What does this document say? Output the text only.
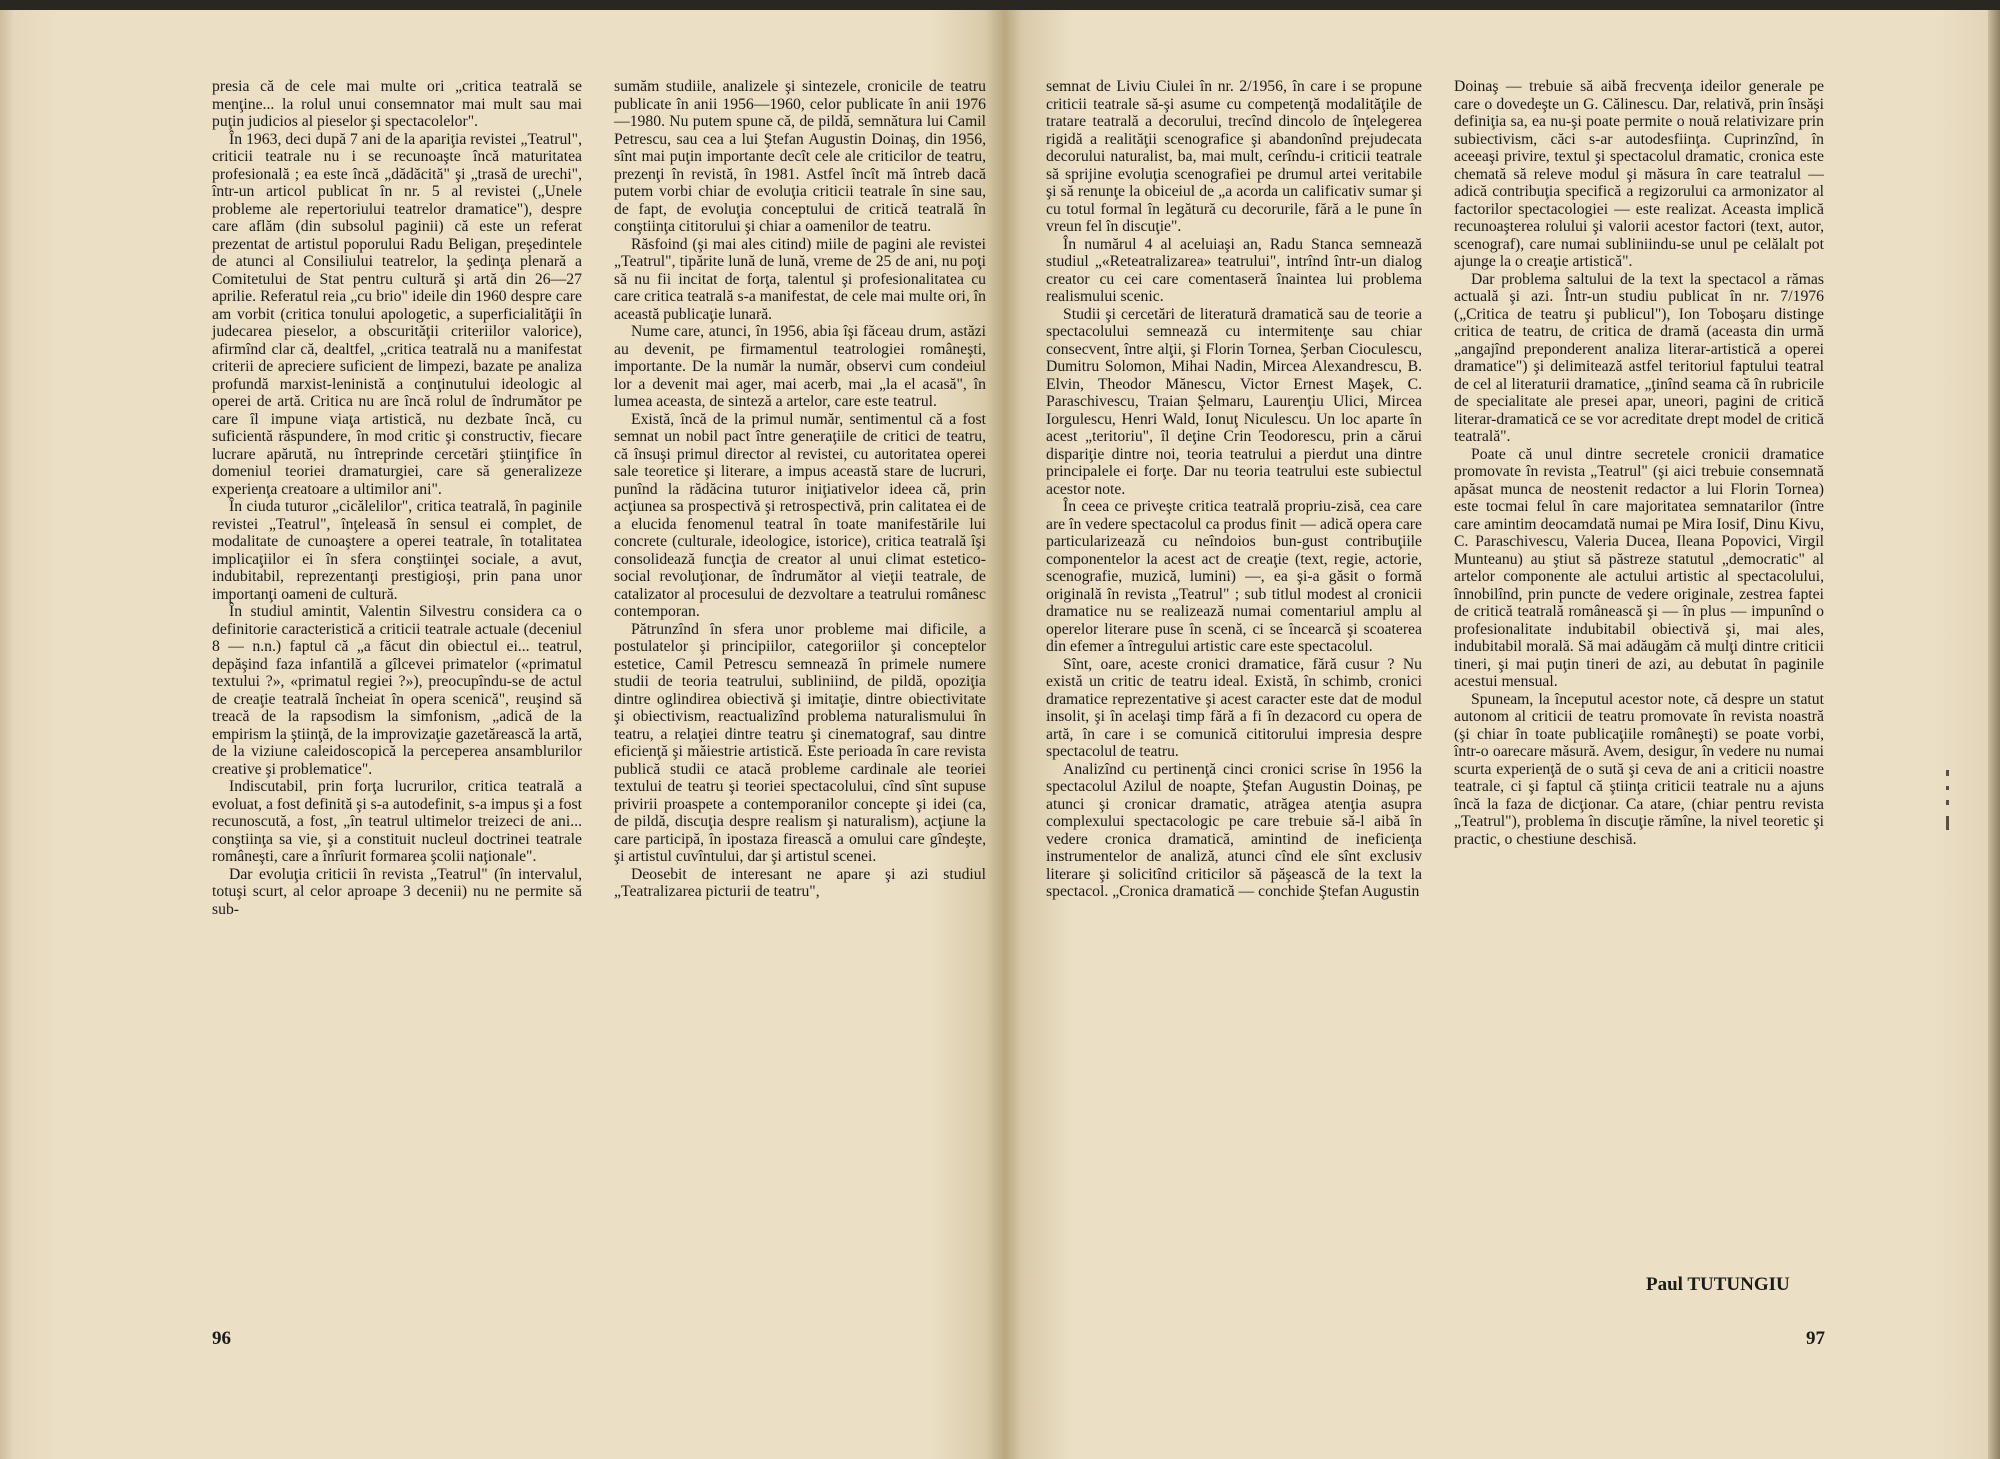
presia că de cele mai multe ori „critica teatrală se menţine... la rolul unui consemnator mai mult sau mai puţin judicios al pieselor şi spectacolelor".

În 1963, deci după 7 ani de la apariţia revistei „Teatrul", criticii teatrale nu i se recunoaşte încă maturitatea profesională ; ea este încă „dădăcită" şi „trasă de urechi", într-un articol publicat în nr. 5 al revistei („Unele probleme ale repertoriului teatrelor dramatice"), despre care aflăm (din subsolul paginii) că este un referat prezentat de artistul poporului Radu Beligan, preşedintele de atunci al Consiliului teatrelor, la şedinţa plenară a Comitetului de Stat pentru cultură şi artă din 26—27 aprilie. Referatul reia „cu brio" ideile din 1960 despre care am vorbit (critica tonului apologetic, a superficialităţii în judecarea pieselor, a obscurităţii criteriilor valorice), afirmînd clar că, dealtfel, „critica teatrală nu a manifestat criterii de apreciere suficient de limpezi, bazate pe analiza profundă marxist-leninistă a conţinutului ideologic al operei de artă. Critica nu are încă rolul de îndrumător pe care îl impune viaţa artistică, nu dezbate încă, cu suficientă răspundere, în mod critic şi constructiv, fiecare lucrare apărută, nu întreprinde cercetări ştiinţifice în domeniul teoriei dramaturgiei, care să generalizeze experienţa creatoare a ultimilor ani".

În ciuda tuturor „cicălelilor", critica teatrală, în paginile revistei „Teatrul", înţeleasă în sensul ei complet, de modalitate de cunoaştere a operei teatrale, în totalitatea implicaţiilor ei în sfera conştiinţei sociale, a avut, indubitabil, reprezentanţi prestigioşi, prin pana unor importanţi oameni de cultură.

În studiul amintit, Valentin Silvestru considera ca o definitorie caracteristică a criticii teatrale actuale (deceniul 8 — n.n.) faptul că „a făcut din obiectul ei... teatrul, depăşind faza infantilă a gîlcevei primatelor («primatul textului ?», «primatul regiei ?»), preocupîndu-se de actul de creaţie teatrală încheiat în opera scenică", reuşind să treacă de la rapsodism la simfonism, „adică de la empirism la ştiinţă, de la improvizaţie gazetărească la artă, de la viziune caleidoscopică la perceperea ansamblurilor creative şi problematice".

Indiscutabil, prin forţa lucrurilor, critica teatrală a evoluat, a fost definită şi s-a autodefinit, s-a impus şi a fost recunoscută, a fost, „în teatrul ultimelor treizeci de ani... conştiinţa sa vie, şi a constituit nucleul doctrinei teatrale româneşti, care a înrîurit formarea şcolii naţionale".

Dar evoluţia criticii în revista „Teatrul" (în intervalul, totuşi scurt, al celor aproape 3 decenii) nu ne permite să sub-

sumăm studiile, analizele şi sintezele, cronicile de teatru publicate în anii 1956—1960, celor publicate în anii 1976—1980. Nu putem spune că, de pildă, semnătura lui Camil Petrescu, sau cea a lui Ştefan Augustin Doinaş, din 1956, sînt mai puţin importante decît cele ale criticilor de teatru, prezenţi în revistă, în 1981. Astfel încît mă întreb dacă putem vorbi chiar de evoluţia criticii teatrale în sine sau, de fapt, de evoluţia conceptului de critică teatrală în conştiinţa cititorului şi chiar a oamenilor de teatru.

Răsfoind (şi mai ales citind) miile de pagini ale revistei „Teatrul", tipărite lună de lună, vreme de 25 de ani, nu poţi să nu fii incitat de forţa, talentul şi profesionalitatea cu care critica teatrală s-a manifestat, de cele mai multe ori, în această publicaţie lunară.

Nume care, atunci, în 1956, abia îşi făceau drum, astăzi au devenit, pe firmamentul teatrologiei româneşti, importante. De la număr la număr, observi cum condeiul lor a devenit mai ager, mai acerb, mai „la el acasă", în lumea aceasta, de sinteză a artelor, care este teatrul.

Există, încă de la primul număr, sentimentul că a fost semnat un nobil pact între generaţiile de critici de teatru, că însuşi primul director al revistei, cu autoritatea operei sale teoretice şi literare, a impus această stare de lucruri, punînd la rădăcina tuturor iniţiativelor ideea că, prin acţiunea sa prospectivă şi retrospectivă, prin calitatea ei de a elucida fenomenul teatral în toate manifestările lui concrete (culturale, ideologice, istorice), critica teatrală îşi consolidează funcţia de creator al unui climat estetico-social revoluţionar, de îndrumător al vieţii teatrale, de catalizator al procesului de dezvoltare a teatrului românesc contemporan.

Pătrunzînd în sfera unor probleme mai dificile, a postulatelor şi principiilor, categoriilor şi conceptelor estetice, Camil Petrescu semnează în primele numere studii de teoria teatrului, subliniind, de pildă, opoziţia dintre oglindirea obiectivă şi imitaţie, dintre obiectivitate şi obiectivism, reactualizînd problema naturalismului în teatru, a relaţiei dintre teatru şi cinematograf, sau dintre eficienţă şi măiestrie artistică. Este perioada în care revista publică studii ce atacă probleme cardinale ale teoriei textului de teatru şi teoriei spectacolului, cînd sînt supuse privirii proaspete a contemporanilor concepte şi idei (ca, de pildă, discuţia despre realism şi naturalism), acţiune la care participă, în ipostaza firească a omului care gîndeşte, şi artistul cuvîntului, dar şi artistul scenei.

Deosebit de interesant ne apare şi azi studiul „Teatralizarea picturii de teatru",

96

semnat de Liviu Ciulei în nr. 2/1956, în care i se propune criticii teatrale să-şi asume cu competenţă modalităţile de tratare teatrală a decorului, trecînd dincolo de înţelegerea rigidă a realităţii scenografice şi abandonînd prejudecata decorului naturalist, ba, mai mult, cerîndu-i criticii teatrale să sprijine evoluţia scenografiei pe drumul artei veritabile şi să renunţe la obiceiul de „a acorda un calificativ sumar şi cu totul formal în legătură cu decorurile, fără a le pune în vreun fel în discuţie".

În numărul 4 al aceluiaşi an, Radu Stanca semnează studiul „«Reteatralizarea» teatrului", intrînd într-un dialog creator cu cei care comentaseră înaintea lui problema realismului scenic.

Studii şi cercetări de literatură dramatică sau de teorie a spectacolului semnează cu intermitenţe sau chiar consecvent, între alţii, şi Florin Tornea, Şerban Cioculescu, Dumitru Solomon, Mihai Nadin, Mircea Alexandrescu, B. Elvin, Theodor Mănescu, Victor Ernest Maşek, C. Paraschivescu, Traian Şelmaru, Laurenţiu Ulici, Mircea Iorgulescu, Henri Wald, Ionuţ Niculescu. Un loc aparte în acest „teritoriu", îl deţine Crin Teodorescu, prin a cărui dispariţie dintre noi, teoria teatrului a pierdut una dintre principalele ei forţe. Dar nu teoria teatrului este subiectul acestor note.

În ceea ce priveşte critica teatrală propriu-zisă, cea care are în vedere spectacolul ca produs finit — adică opera care particularizează cu neîndoios bun-gust contribuţiile componentelor la acest act de creaţie (text, regie, actorie, scenografie, muzică, lumini) —, ea şi-a găsit o formă originală în revista „Teatrul" ; sub titlul modest al cronicii dramatice nu se realizează numai comentariul amplu al operelor literare puse în scenă, ci se încearcă şi scoaterea din efemer a întregului artistic care este spectacolul.

Sînt, oare, aceste cronici dramatice, fără cusur ? Nu există un critic de teatru ideal. Există, în schimb, cronici dramatice reprezentative şi acest caracter este dat de modul insolit, şi în acelaşi timp fără a fi în dezacord cu opera de artă, în care i se comunică cititorului impresia despre spectacolul de teatru.

Analizînd cu pertinenţă cinci cronici scrise în 1956 la spectacolul Azilul de noapte, Ştefan Augustin Doinaş, pe atunci şi cronicar dramatic, atrăgea atenţia asupra complexului spectacologic pe care trebuie să-l aibă în vedere cronica dramatică, amintind de ineficienţa instrumentelor de analiză, atunci cînd ele sînt exclusiv literare şi solicitînd criticilor să păşească de la text la spectacol. „Cronica dramatică — conchide Ştefan Augustin

Doinaş — trebuie să aibă frecvenţa ideilor generale pe care o dovedeşte un G. Călinescu. Dar, relativă, prin însăşi definiţia sa, ea nu-şi poate permite o nouă relativizare prin subiectivism, căci s-ar autodesfiinţa. Cuprinzînd, în aceeaşi privire, textul şi spectacolul dramatic, cronica este chemată să releve modul şi măsura în care teatralul — adică contribuţia specifică a regizorului ca armonizator al factorilor spectacologiei — este realizat. Aceasta implică recunoaşterea rolului şi valorii acestor factori (text, autor, scenograf), care numai subliniindu-se unul pe celălalt pot ajunge la o creaţie artistică".

Dar problema saltului de la text la spectacol a rămas actuală şi azi. Într-un studiu publicat în nr. 7/1976 („Critica de teatru şi publicul"), Ion Toboşaru distinge critica de teatru, de critica de dramă (aceasta din urmă „angajînd preponderent analiza literar-artistică a operei dramatice") şi delimitează astfel teritoriul faptului teatral de cel al literaturii dramatice, „ţinînd seama că în rubricile de specialitate ale presei apar, uneori, pagini de critică literar-dramatică ce se vor acreditate drept model de critică teatrală".

Poate că unul dintre secretele cronicii dramatice promovate în revista „Teatrul" (şi aici trebuie consemnată apăsat munca de neostenit redactor a lui Florin Tornea) este tocmai felul în care majoritatea semnatarilor (între care amintim deocamdată numai pe Mira Iosif, Dinu Kivu, C. Paraschivescu, Valeria Ducea, Ileana Popovici, Virgil Munteanu) au ştiut să păstreze statutul „democratic" al artelor componente ale actului artistic al spectacolului, înnobilînd, prin puncte de vedere originale, zestrea faptei de critică teatrală românească şi — în plus — impunînd o profesionalitate indubitabil obiectivă şi, mai ales, indubitabil morală. Să mai adăugăm că mulţi dintre criticii tineri, şi mai puţin tineri de azi, au debutat în paginile acestui mensual.

Spuneam, la începutul acestor note, că despre un statut autonom al criticii de teatru promovate în revista noastră (şi chiar în toate publicaţiile româneşti) se poate vorbi, într-o oarecare măsură. Avem, desigur, în vedere nu numai scurta experienţă de o sută şi ceva de ani a criticii noastre teatrale, ci şi faptul că ştiinţa criticii teatrale nu a ajuns încă la faza de dicţionar. Ca atare, (chiar pentru revista „Teatrul"), problema în discuţie rămîne, la nivel teoretic şi practic, o chestiune deschisă.

Paul TUTUNGIU
97
